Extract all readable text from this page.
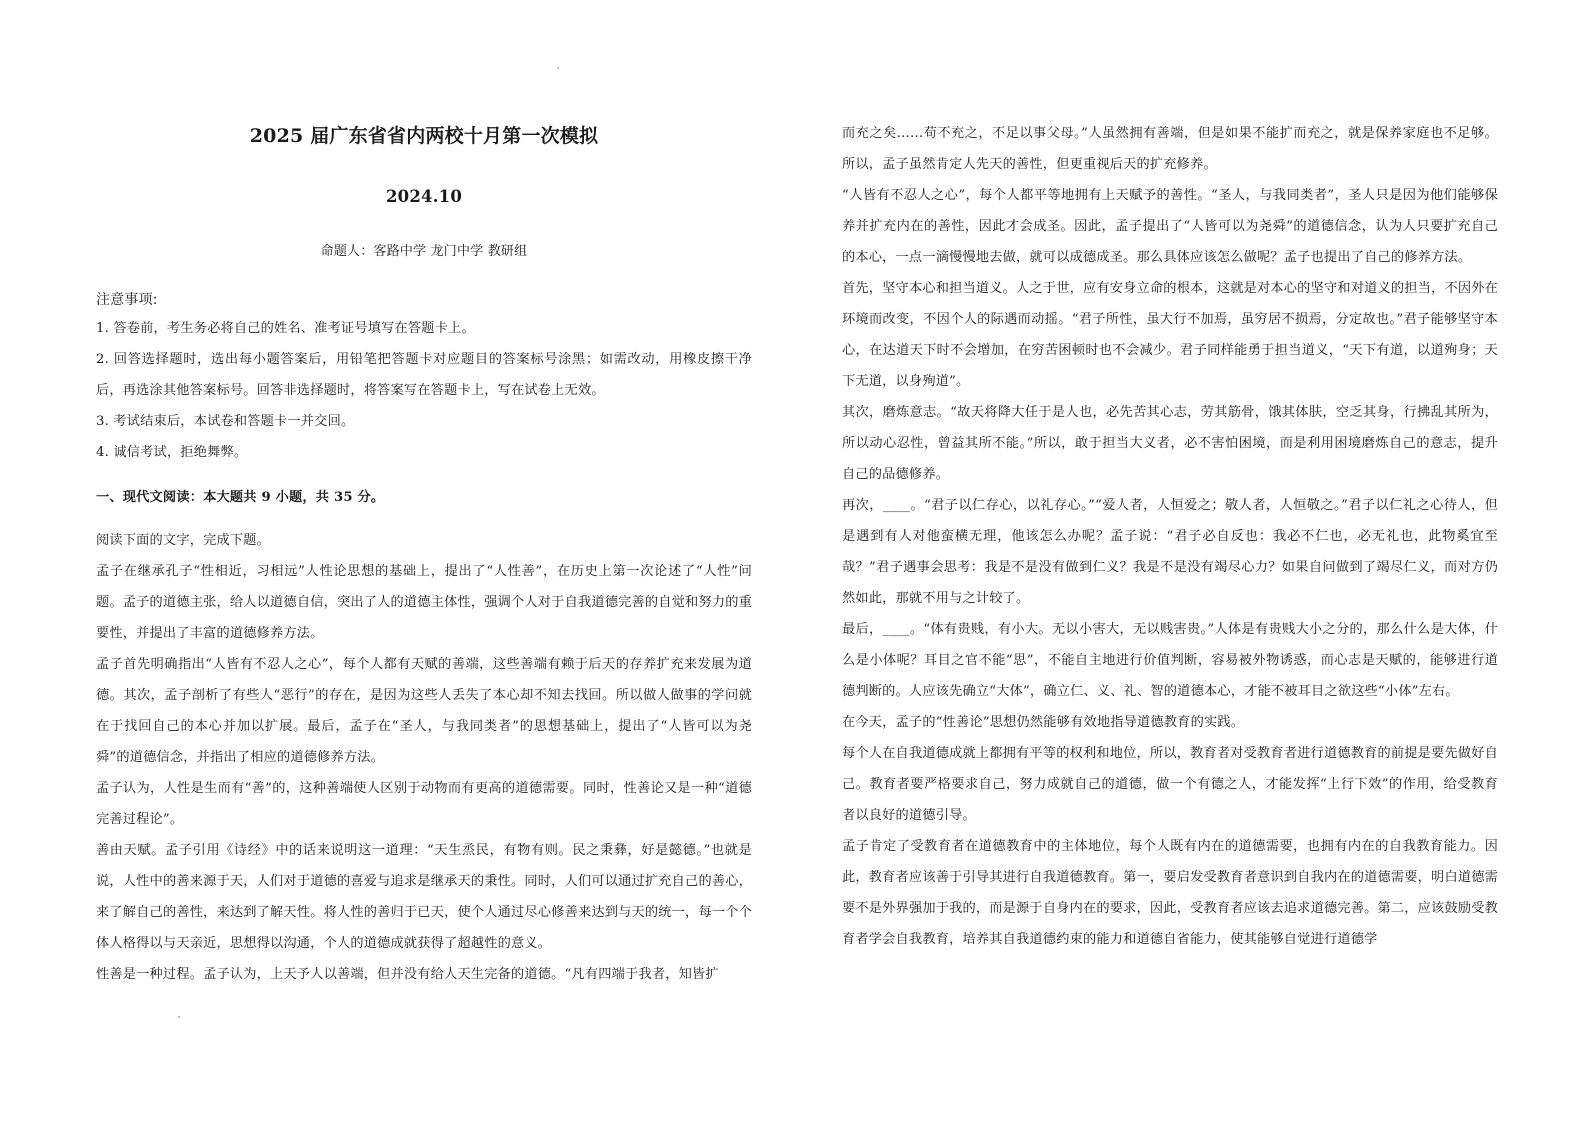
2025 届广东省省内两校十月第一次模拟
2024.10
命题人：客路中学 龙门中学 教研组
注意事项:

1. 答卷前，考生务必将自己的姓名、准考证号填写在答题卡上。

2. 回答选择题时，选出每小题答案后，用铅笔把答题卡对应题目的答案标号涂黑；如需改动，用橡皮擦干净后，再选涂其他答案标号。回答非选择题时，将答案写在答题卡上，写在试卷上无效。

3. 考试结束后，本试卷和答题卡一并交回。

4. 诚信考试，拒绝舞弊。

一、现代文阅读：本大题共 9 小题，共 35 分。

阅读下面的文字，完成下题。

孟子在继承孔子“性相近，习相远”人性论思想的基础上，提出了“人性善”，在历史上第一次论述了“人性”问题。孟子的道德主张，给人以道德自信，突出了人的道德主体性，强调个人对于自我道德完善的自觉和努力的重要性，并提出了丰富的道德修养方法。

孟子首先明确指出“人皆有不忍人之心”，每个人都有天赋的善端，这些善端有赖于后天的存养扩充来发展为道德。其次，孟子剖析了有些人“恶行”的存在，是因为这些人丢失了本心却不知去找回。所以做人做事的学问就在于找回自己的本心并加以扩展。最后，孟子在“圣人，与我同类者”的思想基础上，提出了“人皆可以为尧舜”的道德信念，并指出了相应的道德修养方法。

孟子认为，人性是生而有“善”的，这种善端使人区别于动物而有更高的道德需要。同时，性善论又是一种“道德完善过程论”。

善由天赋。孟子引用《诗经》中的话来说明这一道理：“天生烝民，有物有则。民之秉彝，好是懿德。”也就是说，人性中的善来源于天，人们对于道德的喜爱与追求是继承天的秉性。同时，人们可以通过扩充自己的善心，来了解自己的善性，来达到了解天性。将人性的善归于已天，使个人通过尽心修善来达到与天的统一，每一个个体人格得以与天亲近，思想得以沟通，个人的道德成就获得了超越性的意义。

性善是一种过程。孟子认为，上天予人以善端，但并没有给人天生完备的道德。“凡有四端于我者，知皆扩

而充之矣……苟不充之，不足以事父母。”人虽然拥有善端，但是如果不能扩而充之，就是保养家庭也不足够。所以，孟子虽然肯定人先天的善性，但更重视后天的扩充修养。

“人皆有不忍人之心”，每个人都平等地拥有上天赋予的善性。“圣人，与我同类者”，圣人只是因为他们能够保养并扩充内在的善性，因此才会成圣。因此，孟子提出了“人皆可以为尧舜”的道德信念，认为人只要扩充自己的本心，一点一滴慢慢地去做，就可以成德成圣。那么具体应该怎么做呢？孟子也提出了自己的修养方法。

首先，坚守本心和担当道义。人之于世，应有安身立命的根本，这就是对本心的坚守和对道义的担当，不因外在环境而改变，不因个人的际遇而动摇。“君子所性，虽大行不加焉，虽穷居不损焉，分定故也。”君子能够坚守本心，在达道天下时不会增加，在穷苦困顿时也不会减少。君子同样能勇于担当道义，“天下有道，以道殉身；天下无道，以身殉道”。

其次，磨炼意志。“故天将降大任于是人也，必先苦其心志，劳其筋骨，饿其体肤，空乏其身，行拂乱其所为，所以动心忍性，曾益其所不能。”所以，敢于担当大义者，必不害怕困境，而是利用困境磨炼自己的意志，提升自己的品德修养。

再次，____。“君子以仁存心，以礼存心。”“爱人者，人恒爱之；敬人者，人恒敬之。”君子以仁礼之心待人，但是遇到有人对他蛮横无理，他该怎么办呢？孟子说：“君子必自反也：我必不仁也，必无礼也，此物奚宜至哉？”君子遇事会思考：我是不是没有做到仁义？我是不是没有竭尽心力？如果自问做到了竭尽仁义，而对方仍然如此，那就不用与之计较了。

最后，____。“体有贵贱，有小大。无以小害大，无以贱害贵。”人体是有贵贱大小之分的，那么什么是大体，什么是小体呢？耳目之官不能“思”，不能自主地进行价值判断，容易被外物诱惑，而心志是天赋的，能够进行道德判断的。人应该先确立“大体”，确立仁、义、礼、智的道德本心，才能不被耳目之欲这些“小体”左右。

在今天，孟子的“性善论”思想仍然能够有效地指导道德教育的实践。

每个人在自我道德成就上都拥有平等的权利和地位，所以，教育者对受教育者进行道德教育的前提是要先做好自己。教育者要严格要求自己，努力成就自己的道德，做一个有德之人，才能发挥“上行下效”的作用，给受教育者以良好的道德引导。

孟子肯定了受教育者在道德教育中的主体地位，每个人既有内在的道德需要，也拥有内在的自我教育能力。因此，教育者应该善于引导其进行自我道德教育。第一，要启发受教育者意识到自我内在的道德需要，明白道德需要不是外界强加于我的，而是源于自身内在的要求，因此，受教育者应该去追求道德完善。第二，应该鼓励受教育者学会自我教育，培养其自我道德约束的能力和道德自省能力，使其能够自觉进行道德学
